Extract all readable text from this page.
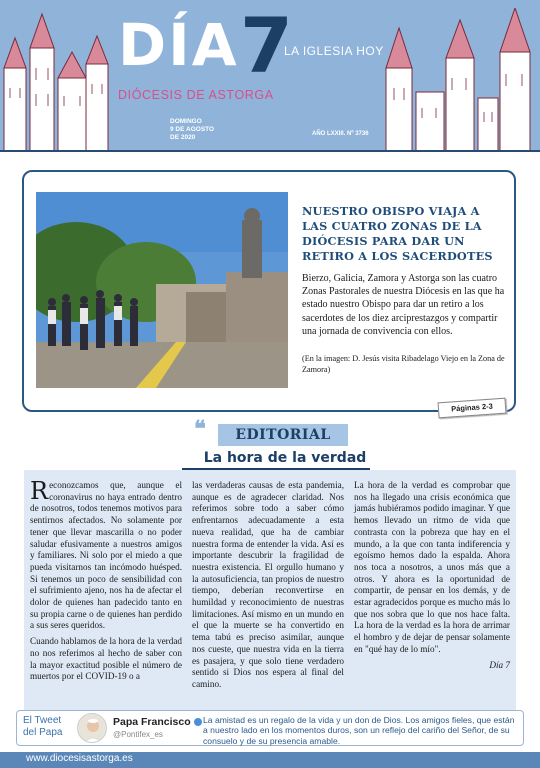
DÍA 7
LA IGLESIA HOY
DIÓCESIS DE ASTORGA
DOMINGO
9 DE AGOSTO
DE 2020	AÑO LXXIII. Nº 3736
NUESTRO OBISPO VIAJA A LAS CUATRO ZONAS DE LA DIÓCESIS PARA DAR UN RETIRO A LOS SACERDOTES
Bierzo, Galicia, Zamora y Astorga son las cuatro Zonas Pastorales de nuestra Diócesis en las que ha estado nuestro Obispo para dar un retiro a los sacerdotes de los diez arciprestazgos y compartir una jornada de convivencia con ellos.
(En la imagen: D. Jesús visita Ribadelago Viejo en la Zona de Zamora)
Páginas 2-3
❝	EDITORIAL
La hora de la verdad

Reconozcamos que, aunque el coronavirus no haya entrado dentro de nosotros, todos tenemos motivos para sentirnos afectados. No solamente por tener que llevar mascarilla o no poder saludar efusivamente a nuestros amigos y familiares. Ni solo por el miedo a que pueda visitarnos tan incómodo huésped. Si tenemos un poco de sensibilidad con el sufrimiento ajeno, nos ha de afectar el dolor de quienes han padecido tanto en su propia carne o de quienes han perdido a sus seres queridos.

Cuando hablamos de la hora de la verdad no nos referimos al hecho de saber con la mayor exactitud posible el número de muertos por el COVID-19 o a

las verdaderas causas de esta pandemia, aunque es de agradecer claridad. Nos referimos sobre todo a saber cómo enfrentarnos adecuadamente a esta nueva realidad, que ha de cambiar nuestra forma de entender la vida. Así es importante descubrir la fragilidad de nuestra existencia. El orgullo humano y la autosuficiencia, tan propios de nuestro tiempo, deberían reconvertirse en humildad y reconocimiento de nuestras limitaciones. Así mismo en un mundo en el que la muerte se ha convertido en tema tabú es preciso asimilar, aunque nos cueste, que nuestra vida en la tierra es pasajera, y que solo tiene verdadero sentido si Dios nos espera al final del camino.

La hora de la verdad es comprobar que nos ha llegado una crisis económica que jamás hubiéramos podido imaginar. Y que hemos llevado un ritmo de vida que contrasta con la pobreza que hay en el mundo, a la que con tanta indiferencia y egoísmo hemos dado la espalda. Ahora nos toca a nosotros, a unos más que a otros. Y ahora es la oportunidad de compartir, de pensar en los demás, y de estar agradecidos porque es mucho más lo que nos sobra que lo que nos hace falta. La hora de la verdad es la hora de arrimar el hombro y de dejar de pensar solamente en "qué hay de lo mío".

Día 7
El Tweet del Papa
Papa Francisco
@Pontifex_es
La amistad es un regalo de la vida y un don de Dios. Los amigos fieles, que están a nuestro lado en los momentos duros, son un reflejo del cariño del Señor, de su consuelo y de su presencia amable.
www.diocesisastorga.es
